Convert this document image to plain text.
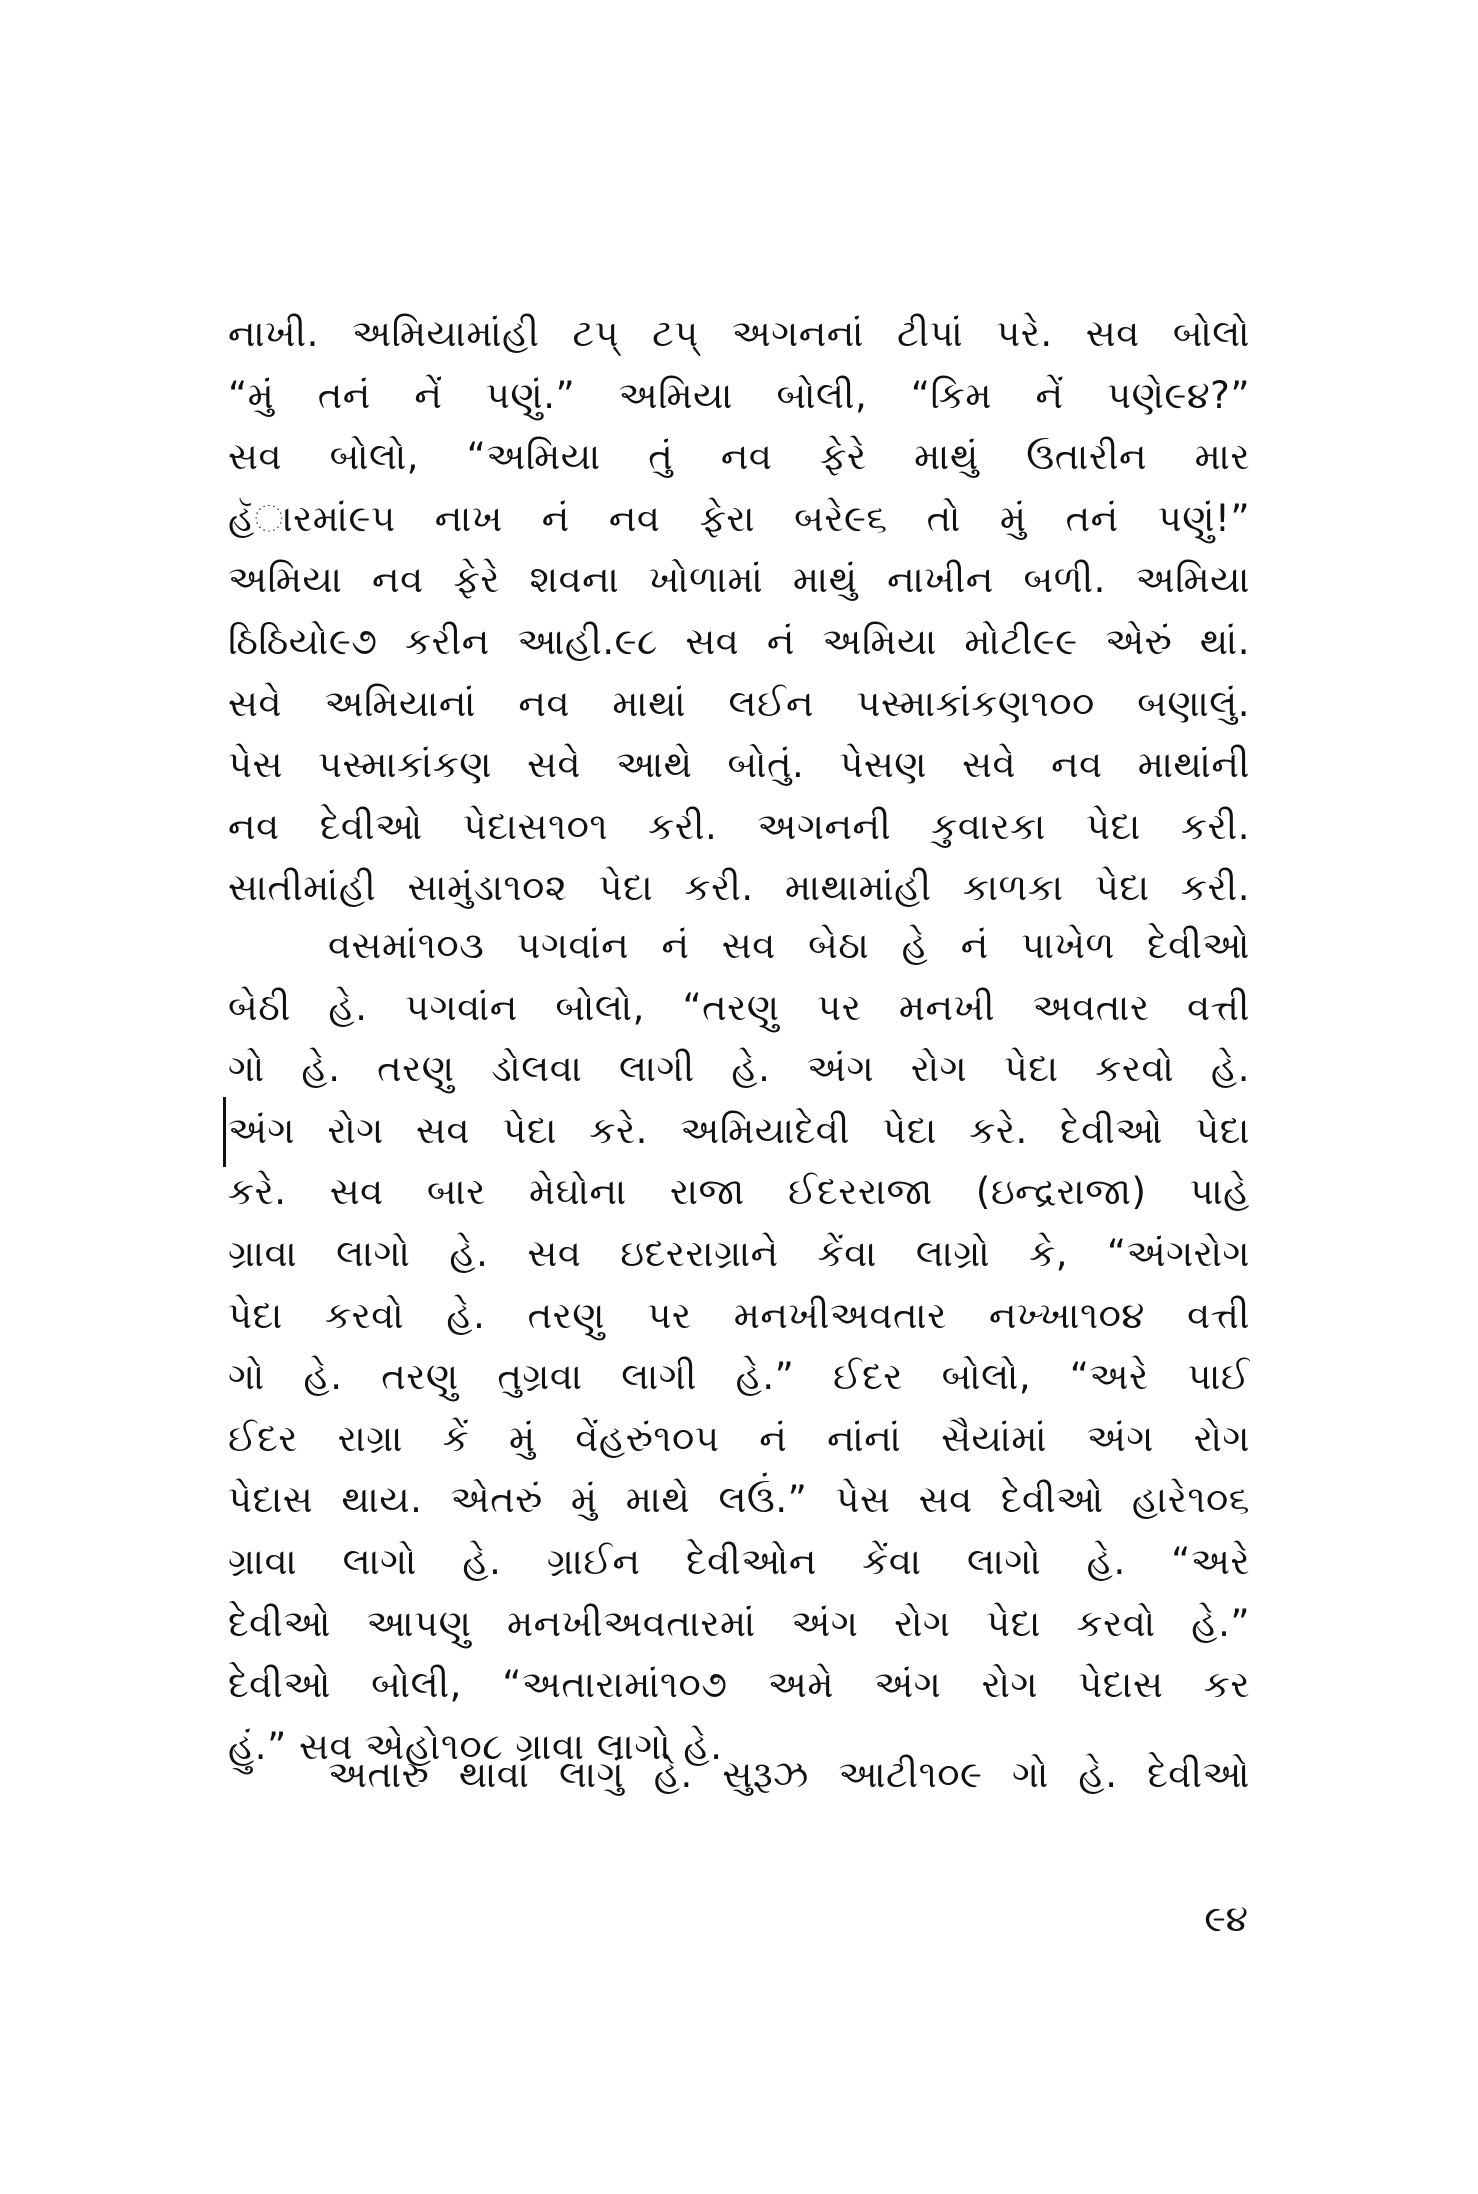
નાખી. અમિયામાંહી ટપ્ ટપ્ અગનનાં ટીપાં પરે. સવ બોલો
“મું તનં નેં પણું.” અમિયા બોલી, “કિમ નેં પણે૯૪?”
સવ બોલો, “અમિયા તું નવ ફેરે માથું ઉતારીન માર
હૅારમાં૯૫ નાખ નં નવ ફેરા બરે૯૬ તો મું તનં પણું!”
અમિયા નવ ફેરે શવના ખોળામાં માથું નાખીન બળી. અમિયા
ઠિઠિયો૯૭ કરીન આહી.૯૮ સવ નં અમિયા મોટી૯૯ એરું થાં.
સવે અમિયાનાં નવ માથાં લઈન પસ્માકાંકણ૧૦૦ બણાલું.
પેસ પસ્માકાંકણ સવે આથે બોતું. પેસણ સવે નવ માથાંની
નવ દેવીઓ પેદાસ૧૦૧ કરી. અગનની કુવારકા પેદા કરી.
સાતીમાંહી સામુંડા૧૦૨ પેદા કરી. માથામાંહી કાળકા પેદા કરી.
વસમાં૧૦૩ પગવાંન નં સવ બેઠા હે નં પાખેળ દેવીઓ
બેઠી હે. પગવાંન બોલો, “તરણુ પર મનખી અવતાર વત્તી
ગો હે. તરણુ ડોલવા લાગી હે. અંગ રોગ પેદા કરવો હે.
અંગ રોગ સવ પેદા કરે. અમિયાદેવી પેદા કરે. દેવીઓ પેદા
કરે. સવ બાર મેઘોના રાજા ઈદરરાજા (ઇન્દ્રરાજા) પાહે
ગ્રાવા લાગો હે. સવ ઇદરરાગ્રાને કેંવા લાગ્રો કે, “અંગરોગ
પેદા કરવો હે. તરણુ પર મનખીઅવતાર નખ્ખા૧૦૪ વત્તી
ગો હે. તરણુ તુગ્રવા લાગી હે.” ઈદર બોલો, “અરે પાઈ
ઈદર રાગ્રા કેં મું વેંહરું૧૦૫ નં નાંનાં સૈયાંમાં અંગ રોગ
પેદાસ થાય. એતરું મું માથે લઉં.” પેસ સવ દેવીઓ હારે૧૦૬
ગ્રાવા લાગો હે. ગ્રાઈન દેવીઓન કેંવા લાગો હે. “અરે
દેવીઓ આપણુ મનખીઅવતારમાં અંગ રોગ પેદા કરવો હે.”
દેવીઓ બોલી, “અતારામાં૧૦૭ અમે અંગ રોગ પેદાસ કર
હું.” સવ એહો૧૦૮ ગ્રાવા લાગો હે.
અતારુ થાવા લાગું હે. સુરૂઝ આટી૧૦૯ ગો હે. દેવીઓ
૯૪
